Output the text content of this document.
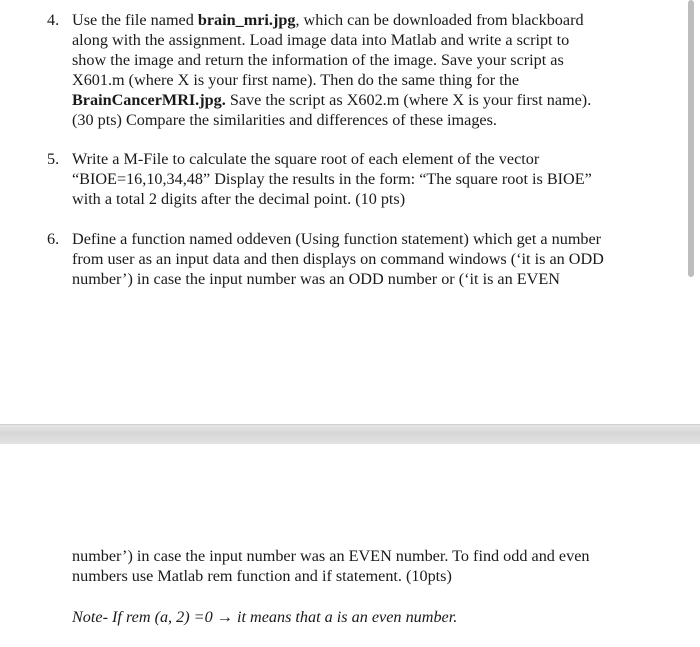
4. Use the file named brain_mri.jpg, which can be downloaded from blackboard
along with the assignment. Load image data into Matlab and write a script to
show the image and return the information of the image. Save your script as
X601.m (where X is your first name). Then do the same thing for the
BrainCancerMRI.jpg. Save the script as X602.m (where X is your first name).
(30 pts) Compare the similarities and differences of these images.
5. Write a M-File to calculate the square root of each element of the vector
“BIOE=16,10,34,48” Display the results in the form: “The square root is BIOE”
with a total 2 digits after the decimal point. (10 pts)
6. Define a function named oddeven (Using function statement) which get a number
from user as an input data and then displays on command windows (‘it is an ODD
number’) in case the input number was an ODD number or (‘it is an EVEN
number’) in case the input number was an EVEN number. To find odd and even
numbers use Matlab rem function and if statement. (10pts)
Note- If rem (a, 2) =0 → it means that a is an even number.
